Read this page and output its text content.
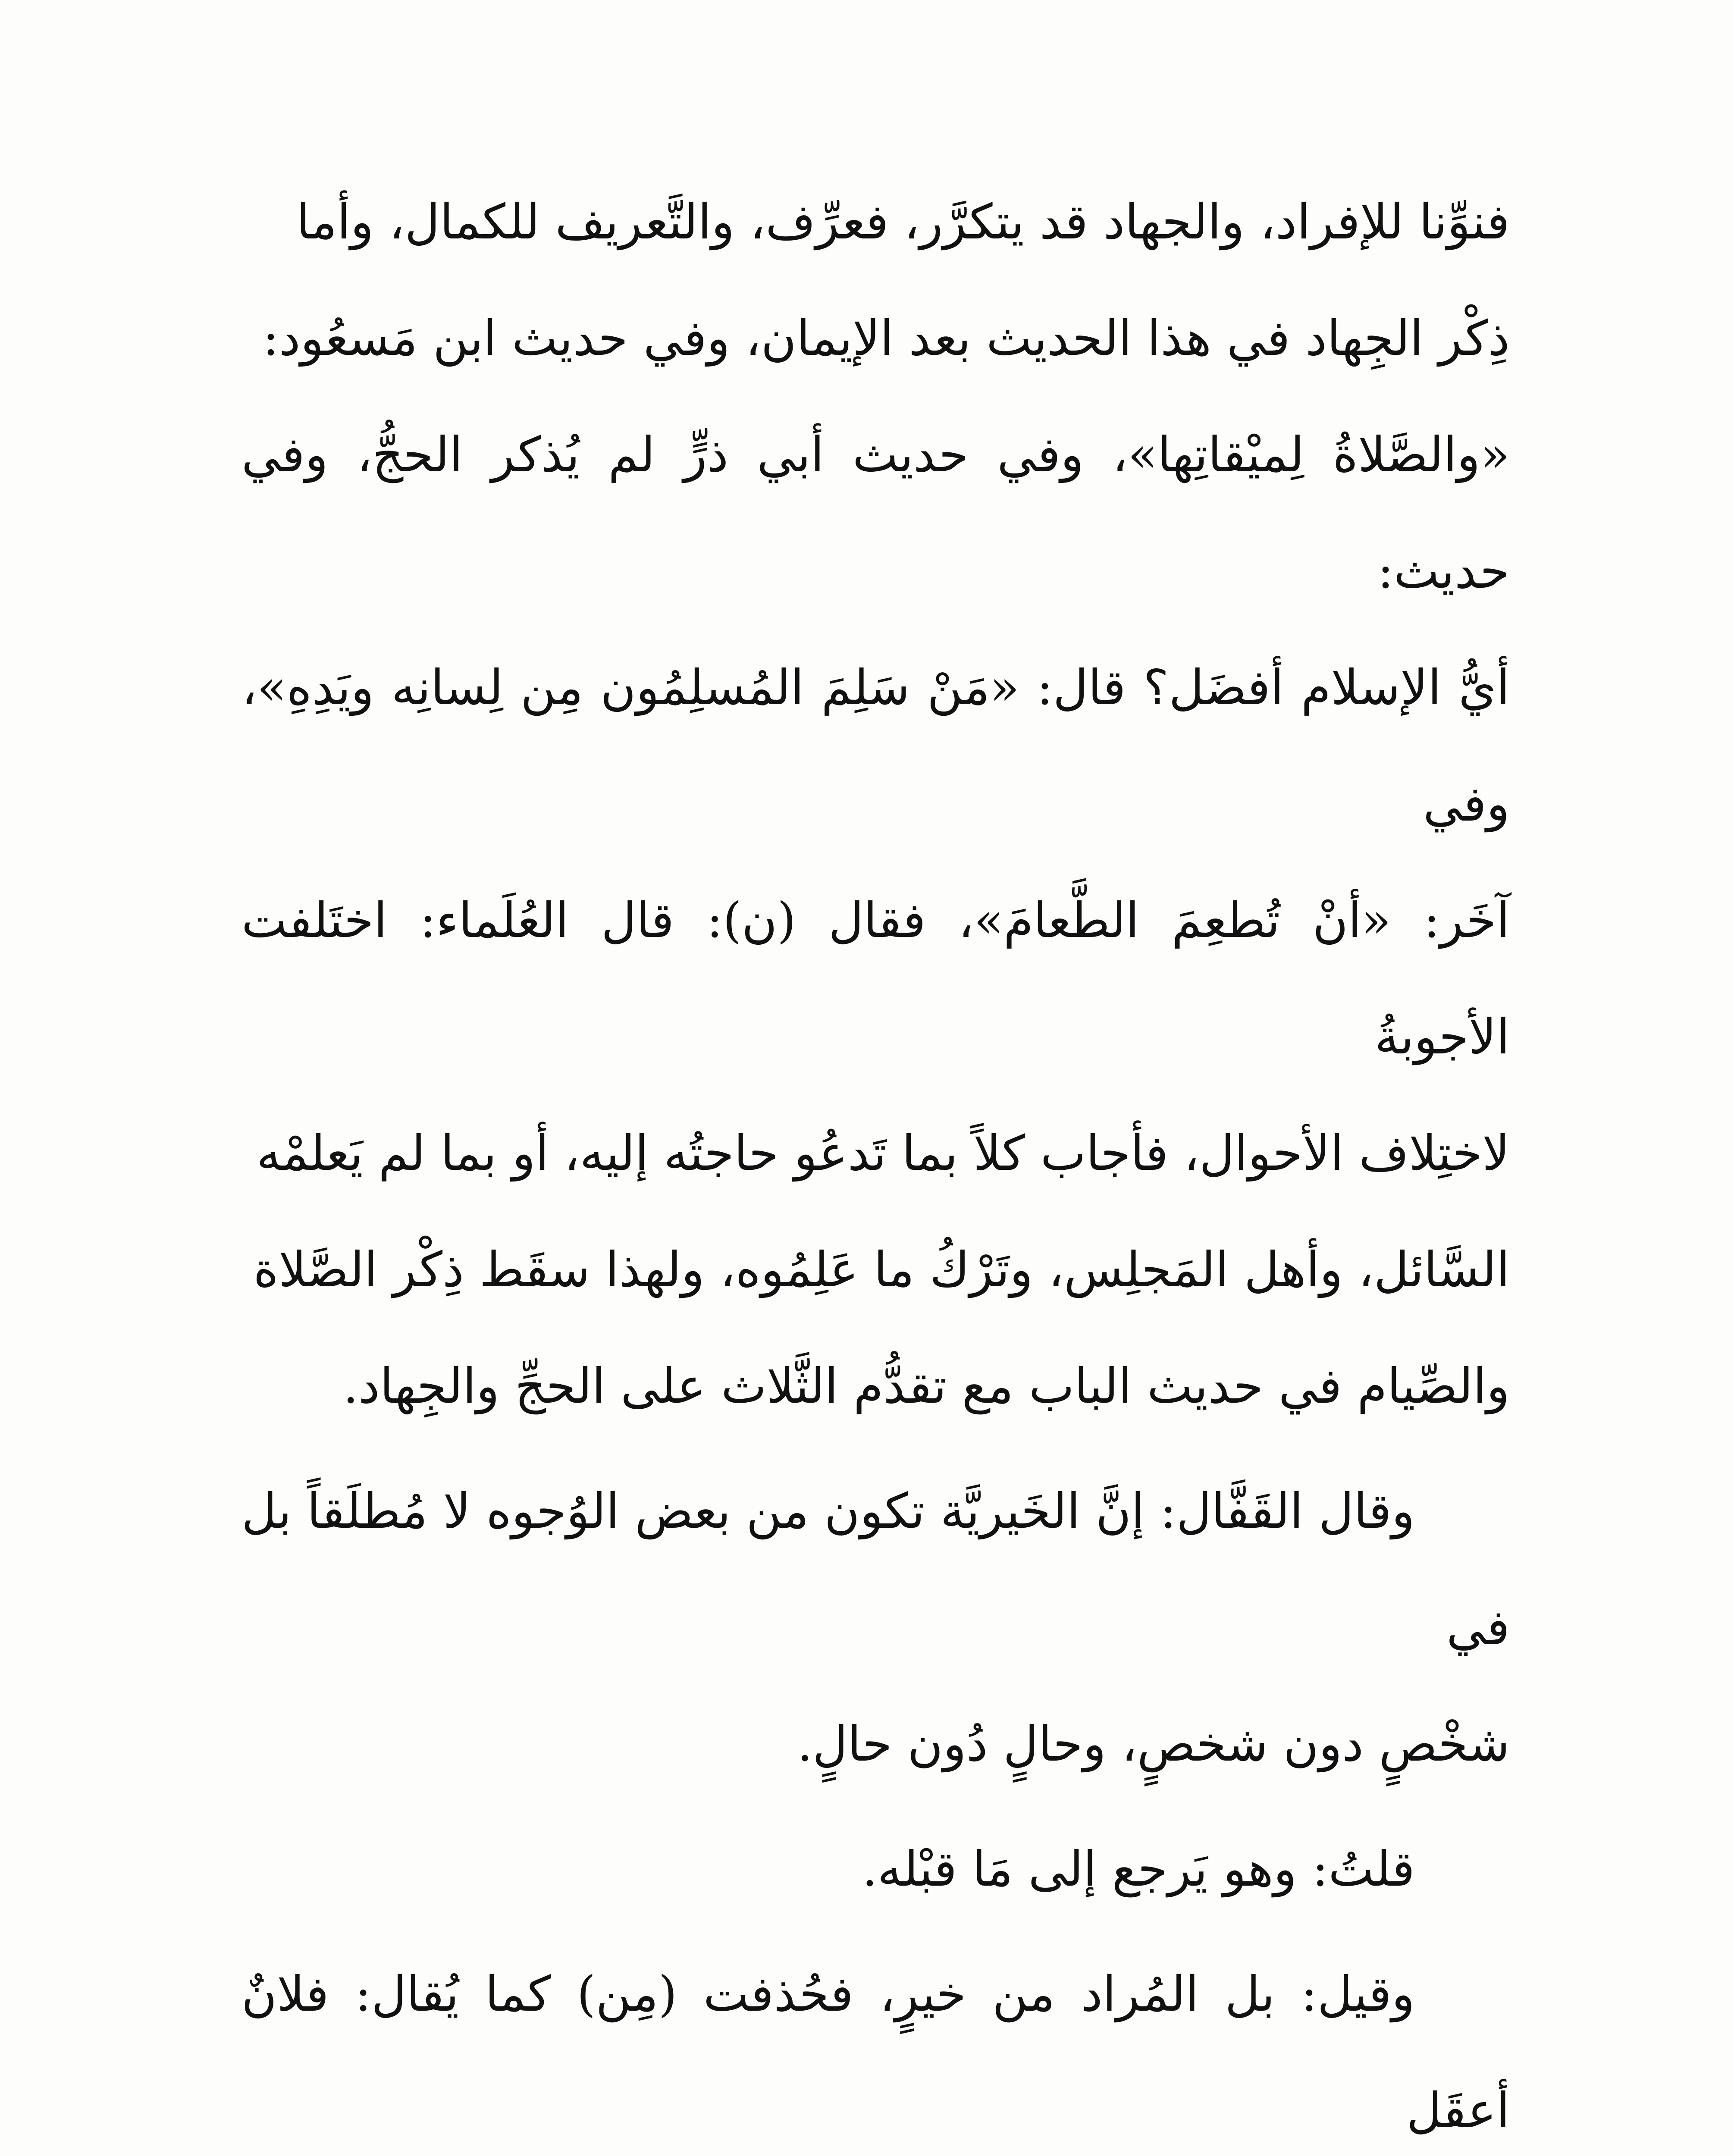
فنوِّنا للإفراد، والجهاد قد يتكرَّر، فعرِّف، والتَّعريف للكمال، وأما
ذِكْر الجِهاد في هذا الحديث بعد الإيمان، وفي حديث ابن مَسعُود:
«والصَّلاةُ لِميْقاتِها»، وفي حديث أبي ذرٍّ لم يُذكر الحجُّ، وفي حديث:
أيُّ الإسلام أفضَل؟ قال: «مَنْ سَلِمَ المُسلِمُون مِن لِسانِه ويَدِهِ»، وفي
آخَر: «أنْ تُطعِمَ الطَّعامَ»، فقال (ن): قال العُلَماء: اختَلفت الأجوبةُ
لاختِلاف الأحوال، فأجاب كلاً بما تَدعُو حاجتُه إليه، أو بما لم يَعلمْه
السَّائل، وأهل المَجلِس، وتَرْكُ ما عَلِمُوه، ولهذا سقَط ذِكْر الصَّلاة
والصِّيام في حديث الباب مع تقدُّم الثَّلاث على الحجِّ والجِهاد.

وقال القَفَّال: إنَّ الخَيريَّة تكون من بعض الوُجوه لا مُطلَقاً بل في
شخْصٍ دون شخصٍ، وحالٍ دُون حالٍ.

قلتُ: وهو يَرجع إلى مَا قبْله.

وقيل: بل المُراد من خيرٍ، فحُذفت (مِن) كما يُقال: فلانٌ أعقَل
